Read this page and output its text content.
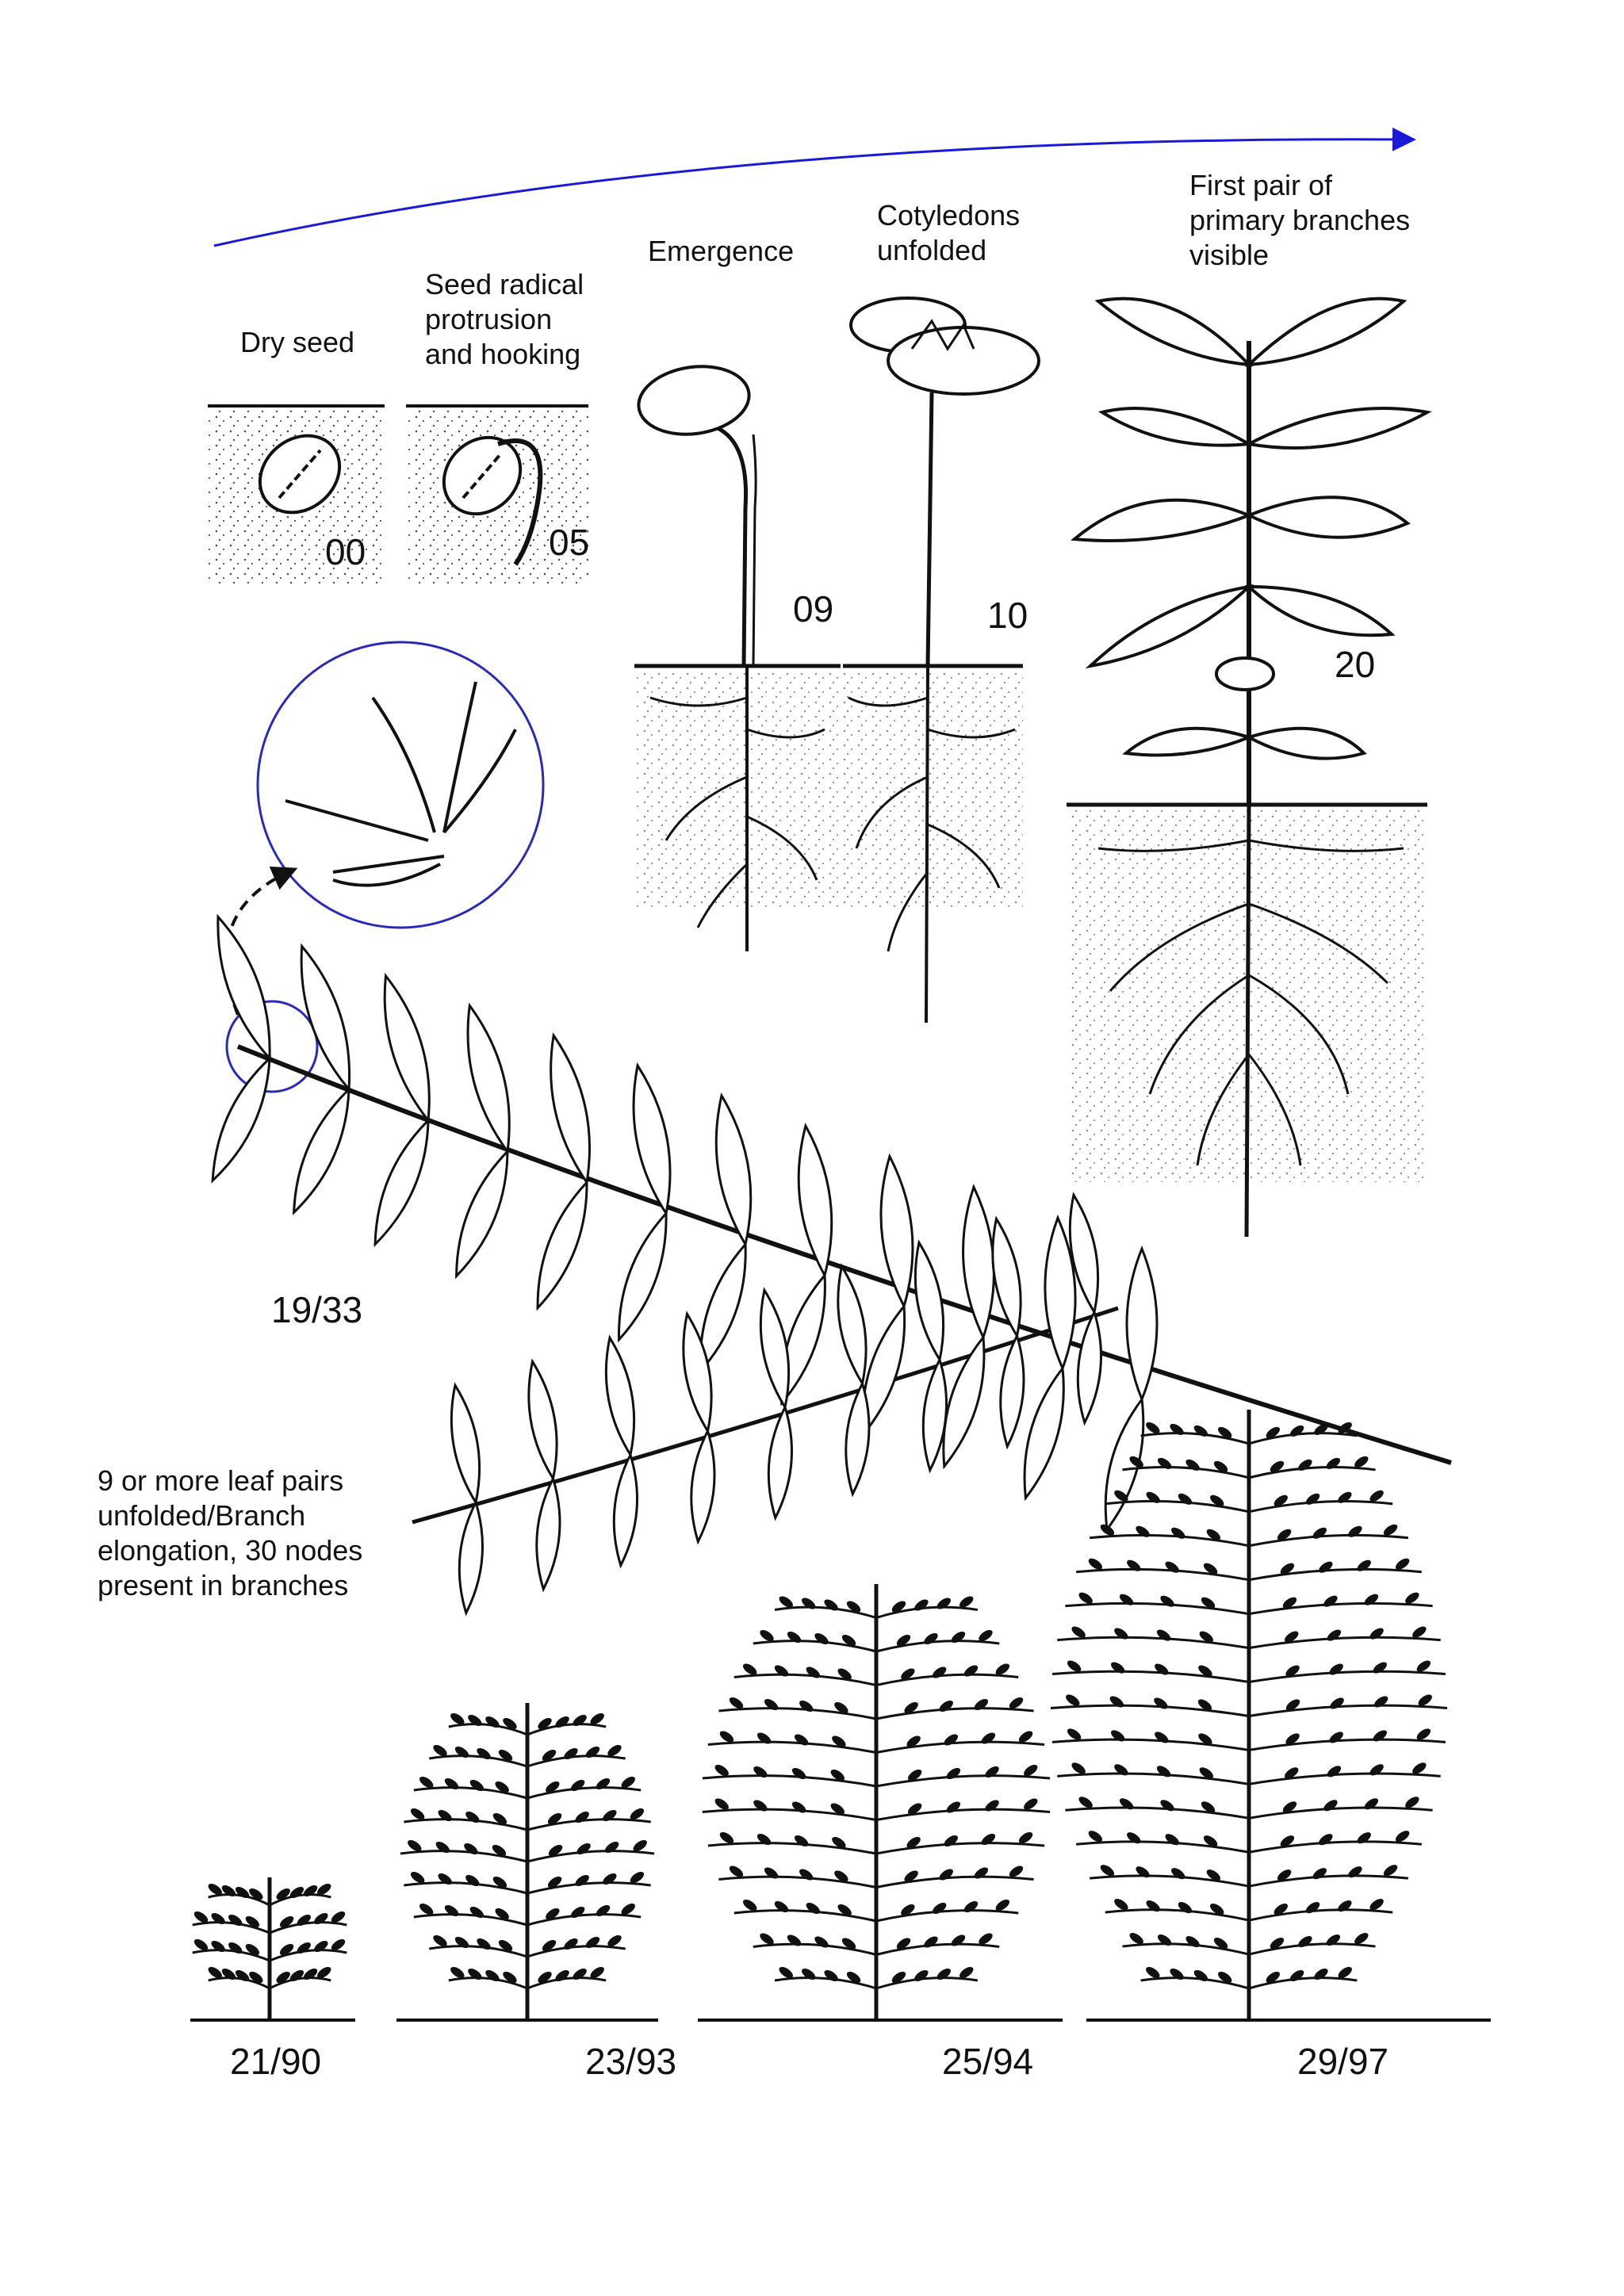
Dry seed
Seed radical
protrusion
and hooking
Emergence
Cotyledons
unfolded
First pair of
primary branches
visible
00	05
09	10
20
19/33
9 or more leaf pairs
unfolded/Branch
elongation, 30 nodes
present in branches
21/90	23/93	25/94	29/97
